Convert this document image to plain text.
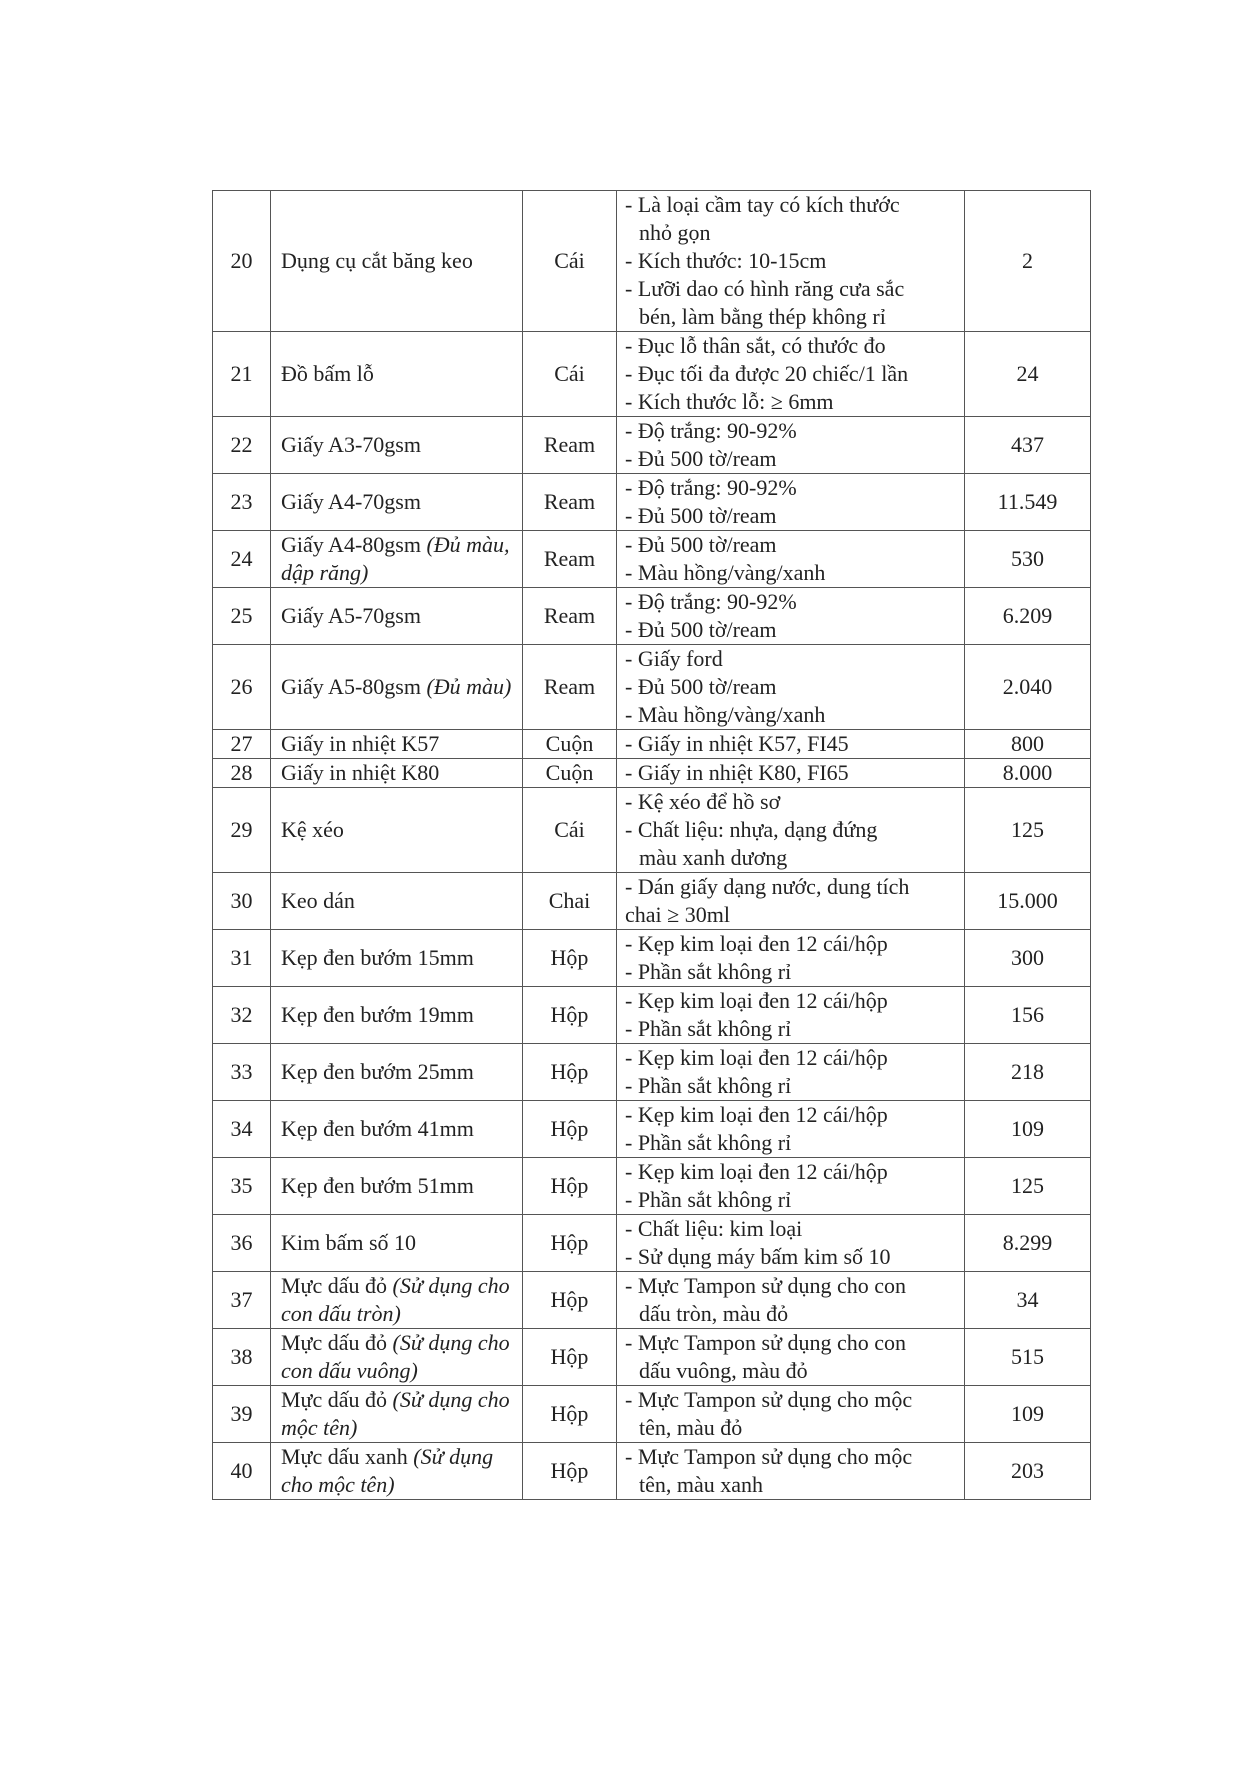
20	Dụng cụ cắt băng keo	Cái	- Là loại cầm tay có kích thước
nhỏ gọn
- Kích thước: 10-15cm
- Lưỡi dao có hình răng cưa sắc
bén, làm bằng thép không rỉ	2
21	Đồ bấm lỗ	Cái	- Đục lỗ thân sắt, có thước đo
- Đục tối đa được 20 chiếc/1 lần
- Kích thước lỗ: ≥ 6mm	24
22	Giấy A3-70gsm	Ream	- Độ trắng: 90-92%
- Đủ 500 tờ/ream	437
23	Giấy A4-70gsm	Ream	- Độ trắng: 90-92%
- Đủ 500 tờ/ream	11.549
24	Giấy A4-80gsm (Đủ màu, dập răng)	Ream	- Đủ 500 tờ/ream
- Màu hồng/vàng/xanh	530
25	Giấy A5-70gsm	Ream	- Độ trắng: 90-92%
- Đủ 500 tờ/ream	6.209
26	Giấy A5-80gsm (Đủ màu)	Ream	- Giấy ford
- Đủ 500 tờ/ream
- Màu hồng/vàng/xanh	2.040
27	Giấy in nhiệt K57	Cuộn	- Giấy in nhiệt K57, FI45	800
28	Giấy in nhiệt K80	Cuộn	- Giấy in nhiệt K80, FI65	8.000
29	Kệ xéo	Cái	- Kệ xéo để hồ sơ
- Chất liệu: nhựa, dạng đứng
màu xanh dương	125
30	Keo dán	Chai	- Dán giấy dạng nước, dung tích
chai ≥ 30ml	15.000
31	Kẹp đen bướm 15mm	Hộp	- Kẹp kim loại đen 12 cái/hộp
- Phần sắt không rỉ	300
32	Kẹp đen bướm 19mm	Hộp	- Kẹp kim loại đen 12 cái/hộp
- Phần sắt không rỉ	156
33	Kẹp đen bướm 25mm	Hộp	- Kẹp kim loại đen 12 cái/hộp
- Phần sắt không rỉ	218
34	Kẹp đen bướm 41mm	Hộp	- Kẹp kim loại đen 12 cái/hộp
- Phần sắt không rỉ	109
35	Kẹp đen bướm 51mm	Hộp	- Kẹp kim loại đen 12 cái/hộp
- Phần sắt không rỉ	125
36	Kim bấm số 10	Hộp	- Chất liệu: kim loại
- Sử dụng máy bấm kim số 10	8.299
37	Mực dấu đỏ (Sử dụng cho con dấu tròn)	Hộp	- Mực Tampon sử dụng cho con
dấu tròn, màu đỏ	34
38	Mực dấu đỏ (Sử dụng cho con dấu vuông)	Hộp	- Mực Tampon sử dụng cho con
dấu vuông, màu đỏ	515
39	Mực dấu đỏ (Sử dụng cho mộc tên)	Hộp	- Mực Tampon sử dụng cho mộc
tên, màu đỏ	109
40	Mực dấu xanh (Sử dụng cho mộc tên)	Hộp	- Mực Tampon sử dụng cho mộc
tên, màu xanh	203
